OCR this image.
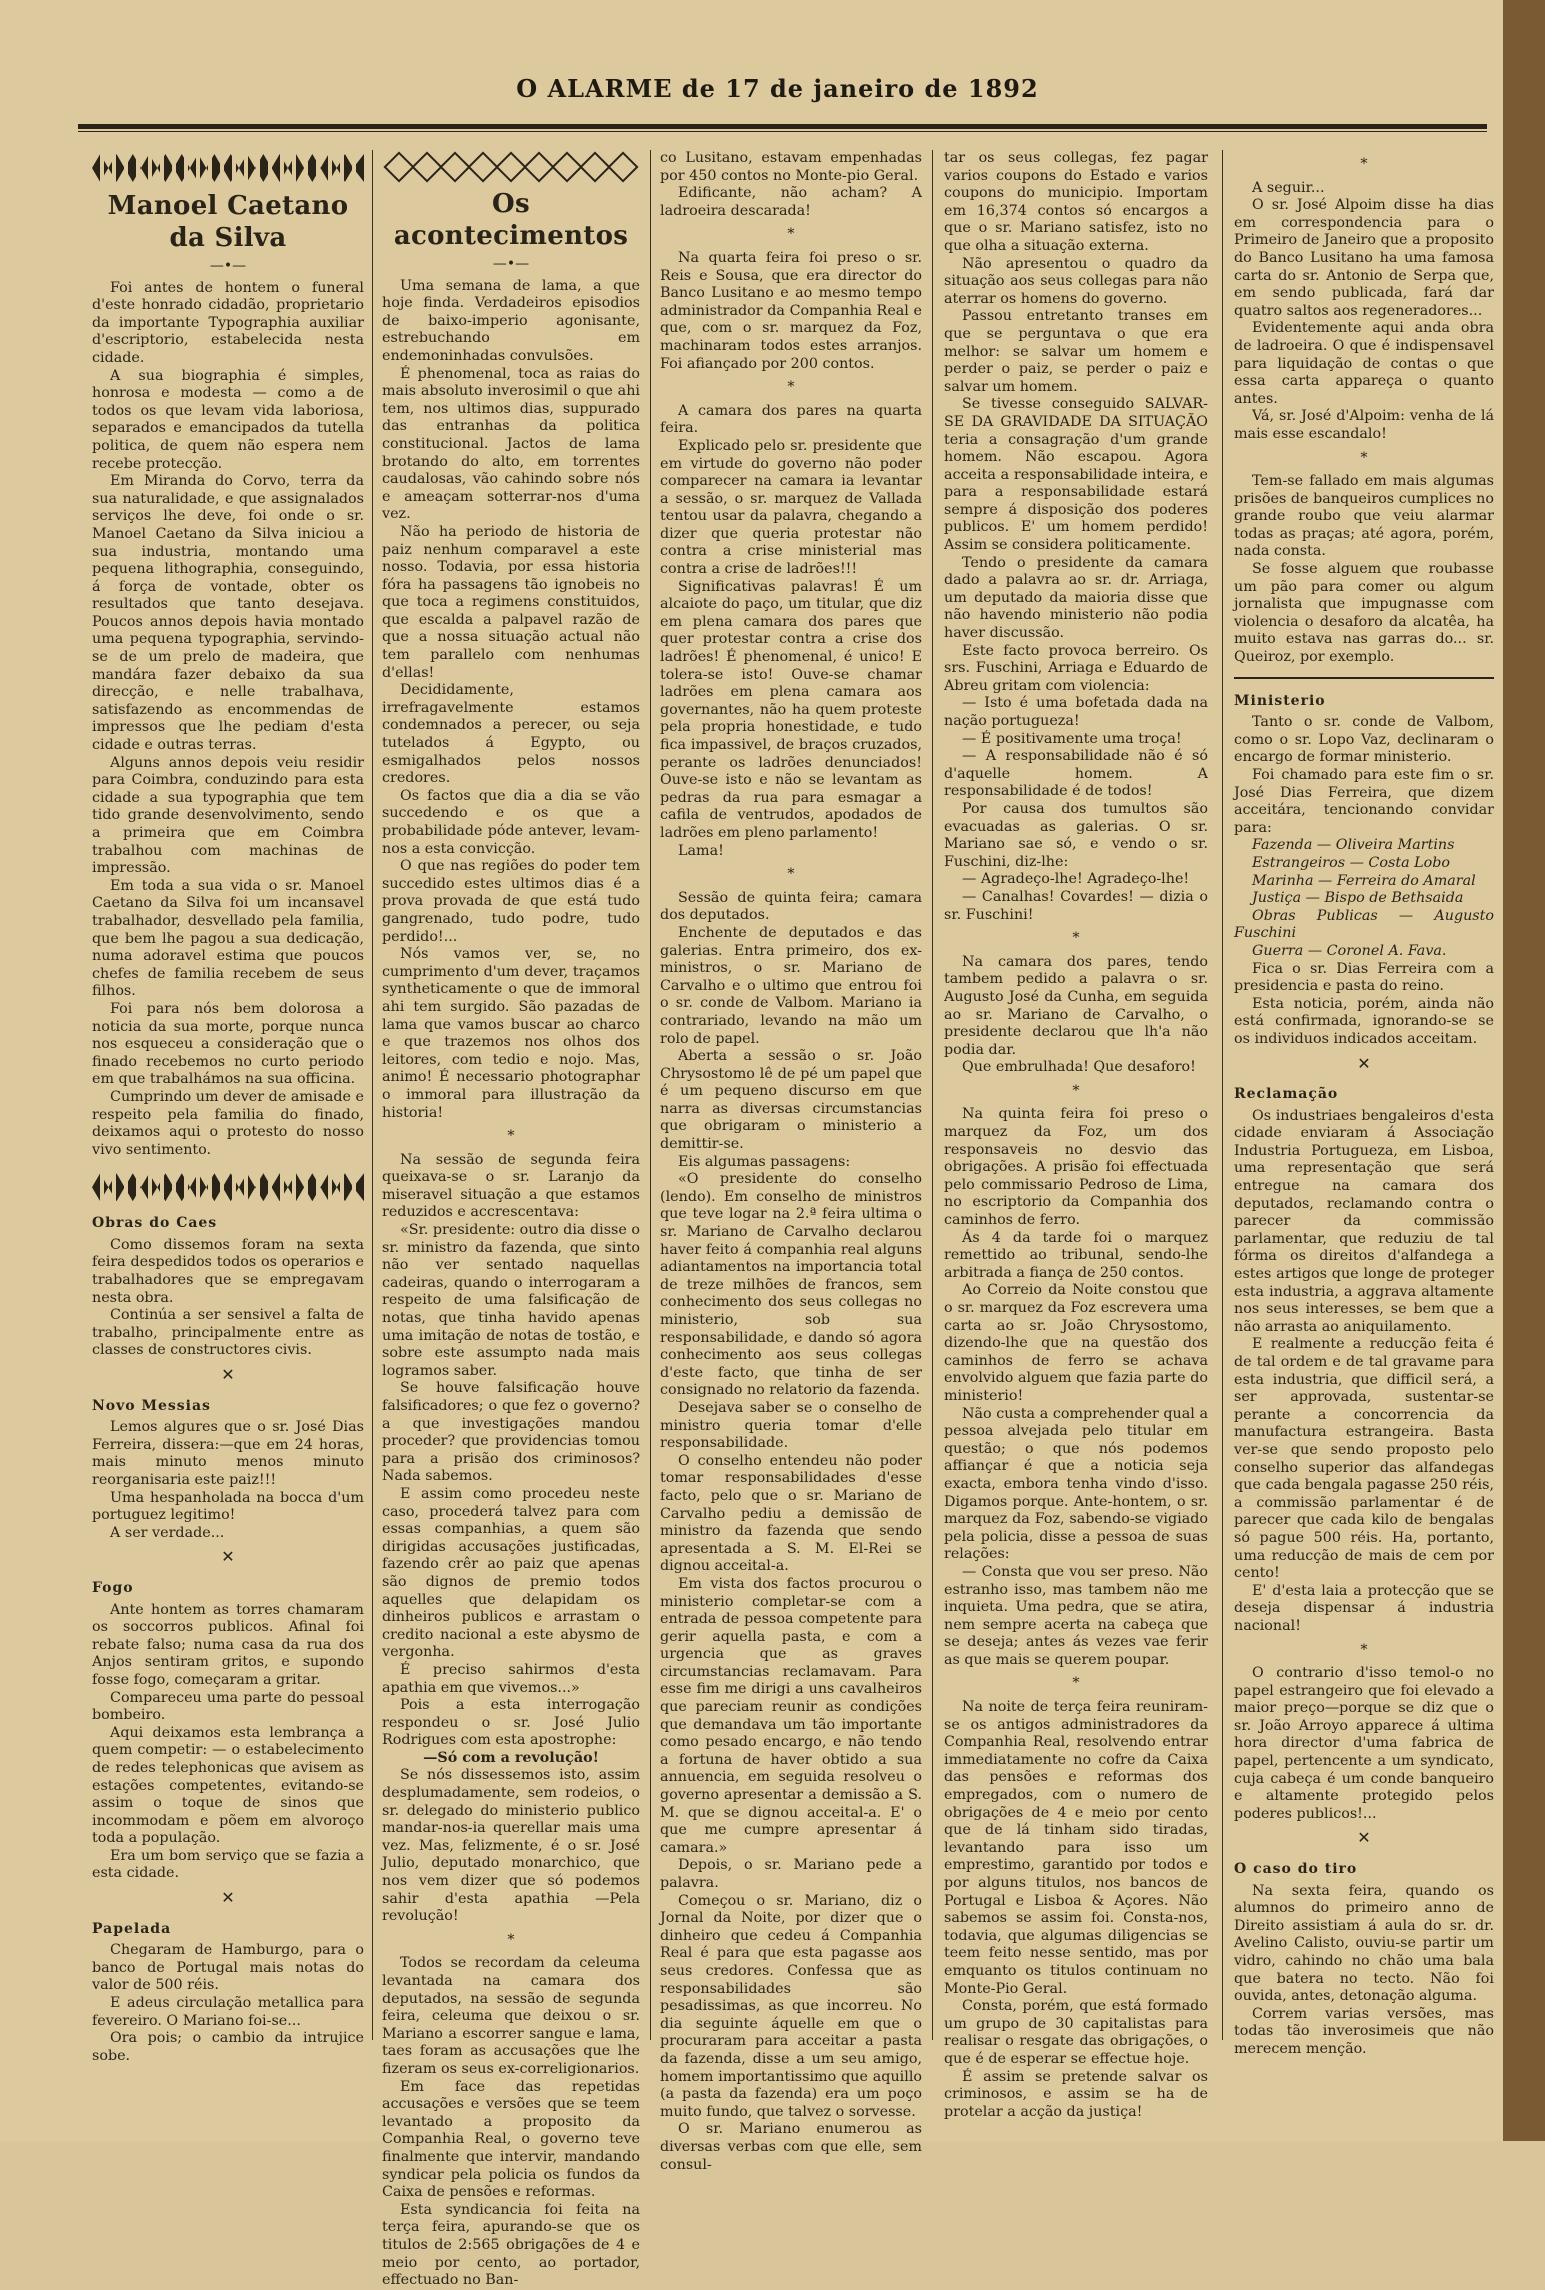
O ALARME de 17 de janeiro de 1892
Manoel Caetano da Silva
—•—

Foi antes de hontem o funeral d'este honrado cidadão, proprietario da importante Typographia auxiliar d'escriptorio, estabelecida nesta cidade.

A sua biographia é simples, honrosa e modesta — como a de todos os que levam vida laboriosa, separados e emancipados da tutella politica, de quem não espera nem recebe protecção.

Em Miranda do Corvo, terra da sua naturalidade, e que assignalados serviços lhe deve, foi onde o sr. Manoel Caetano da Silva iniciou a sua industria, montando uma pequena lithographia, conseguindo, á força de vontade, obter os resultados que tanto desejava. Poucos annos depois havia montado uma pequena typographia, servindo-se de um prelo de madeira, que mandára fazer debaixo da sua direcção, e nelle trabalhava, satisfazendo as encommendas de impressos que lhe pediam d'esta cidade e outras terras.

Alguns annos depois veiu residir para Coimbra, conduzindo para esta cidade a sua typographia que tem tido grande desenvolvimento, sendo a primeira que em Coimbra trabalhou com machinas de impressão.

Em toda a sua vida o sr. Manoel Caetano da Silva foi um incansavel trabalhador, desvellado pela familia, que bem lhe pagou a sua dedicação, numa adoravel estima que poucos chefes de familia recebem de seus filhos.

Foi para nós bem dolorosa a noticia da sua morte, porque nunca nos esqueceu a consideração que o finado recebemos no curto periodo em que trabalhámos na sua officina.

Cumprindo um dever de amisade e respeito pela familia do finado, deixamos aqui o protesto do nosso vivo sentimento.

Obras do Caes

Como dissemos foram na sexta feira despedidos todos os operarios e trabalhadores que se empregavam nesta obra.

Continúa a ser sensivel a falta de trabalho, principalmente entre as classes de constructores civis.

✕
Novo Messias

Lemos algures que o sr. José Dias Ferreira, dissera:—que em 24 horas, mais minuto menos minuto reorganisaria este paiz!!!

Uma hespanholada na bocca d'um portuguez legitimo!

A ser verdade...

✕
Fogo

Ante hontem as torres chamaram os soccorros publicos. Afinal foi rebate falso; numa casa da rua dos Anjos sentiram gritos, e supondo fosse fogo, começaram a gritar.

Compareceu uma parte do pessoal bombeiro.

Aqui deixamos esta lembrança a quem competir: — o estabelecimento de redes telephonicas que avisem as estações competentes, evitando-se assim o toque de sinos que incommodam e põem em alvoroço toda a população.

Era um bom serviço que se fazia a esta cidade.

✕
Papelada

Chegaram de Hamburgo, para o banco de Portugal mais notas do valor de 500 réis.

E adeus circulação metallica para fevereiro. O Mariano foi-se...

Ora pois; o cambio da intrujice sobe.

Os acontecimentos
—•—

Uma semana de lama, a que hoje finda. Verdadeiros episodios de baixo-imperio agonisante, estrebuchando em endemoninhadas convulsões.

É phenomenal, toca as raias do mais absoluto inverosimil o que ahi tem, nos ultimos dias, suppurado das entranhas da politica constitucional. Jactos de lama brotando do alto, em torrentes caudalosas, vão cahindo sobre nós e ameaçam sotterrar-nos d'uma vez.

Não ha periodo de historia de paiz nenhum comparavel a este nosso. Todavia, por essa historia fóra ha passagens tão ignobeis no que toca a regimens constituidos, que escalda a palpavel razão de que a nossa situação actual não tem parallelo com nenhumas d'ellas!

Decididamente, irrefragavelmente estamos condemnados a perecer, ou seja tutelados á Egypto, ou esmigalhados pelos nossos credores.

Os factos que dia a dia se vão succedendo e os que a probabilidade póde antever, levam-nos a esta convicção.

O que nas regiões do poder tem succedido estes ultimos dias é a prova provada de que está tudo gangrenado, tudo podre, tudo perdido!...

Nós vamos ver, se, no cumprimento d'um dever, traçamos syntheticamente o que de immoral ahi tem surgido. São pazadas de lama que vamos buscar ao charco e que trazemos nos olhos dos leitores, com tedio e nojo. Mas, animo! É necessario photographar o immoral para illustração da historia!

*

Na sessão de segunda feira queixava-se o sr. Laranjo da miseravel situação a que estamos reduzidos e accrescentava:

«Sr. presidente: outro dia disse o sr. ministro da fazenda, que sinto não ver sentado naquellas cadeiras, quando o interrogaram a respeito de uma falsificação de notas, que tinha havido apenas uma imitação de notas de tostão, e sobre este assumpto nada mais logramos saber.

Se houve falsificação houve falsificadores; o que fez o governo? a que investigações mandou proceder? que providencias tomou para a prisão dos criminosos? Nada sabemos.

E assim como procedeu neste caso, procederá talvez para com essas companhias, a quem são dirigidas accusações justificadas, fazendo crêr ao paiz que apenas são dignos de premio todos aquelles que delapidam os dinheiros publicos e arrastam o credito nacional a este abysmo de vergonha.

É preciso sahirmos d'esta apathia em que vivemos...»

Pois a esta interrogação respondeu o sr. José Julio Rodrigues com esta apostrophe:

—Só com a revolução!

Se nós dissessemos isto, assim desplumadamente, sem rodeios, o sr. delegado do ministerio publico mandar-nos-ia querellar mais uma vez. Mas, felizmente, é o sr. José Julio, deputado monarchico, que nos vem dizer que só podemos sahir d'esta apathia —Pela revolução!

*

Todos se recordam da celeuma levantada na camara dos deputados, na sessão de segunda feira, celeuma que deixou o sr. Mariano a escorrer sangue e lama, taes foram as accusações que lhe fizeram os seus ex-correligionarios.

Em face das repetidas accusações e versões que se teem levantado a proposito da Companhia Real, o governo teve finalmente que intervir, mandando syndicar pela policia os fundos da Caixa de pensões e reformas.

Esta syndicancia foi feita na terça feira, apurando-se que os titulos de 2:565 obrigações de 4 e meio por cento, ao portador, effectuado no Ban-

co Lusitano, estavam empenhadas por 450 contos no Monte-pio Geral.

Edificante, não acham? A ladroeira descarada!

*

Na quarta feira foi preso o sr. Reis e Sousa, que era director do Banco Lusitano e ao mesmo tempo administrador da Companhia Real e que, com o sr. marquez da Foz, machinaram todos estes arranjos. Foi afiançado por 200 contos.

*

A camara dos pares na quarta feira.

Explicado pelo sr. presidente que em virtude do governo não poder comparecer na camara ia levantar a sessão, o sr. marquez de Vallada tentou usar da palavra, chegando a dizer que queria protestar não contra a crise ministerial mas contra a crise de ladrões!!!

Significativas palavras! É um alcaiote do paço, um titular, que diz em plena camara dos pares que quer protestar contra a crise dos ladrões! É phenomenal, é unico! E tolera-se isto! Ouve-se chamar ladrões em plena camara aos governantes, não ha quem proteste pela propria honestidade, e tudo fica impassivel, de braços cruzados, perante os ladrões denunciados! Ouve-se isto e não se levantam as pedras da rua para esmagar a cafila de ventrudos, apodados de ladrões em pleno parlamento!

Lama!

*

Sessão de quinta feira; camara dos deputados.

Enchente de deputados e das galerias. Entra primeiro, dos ex-ministros, o sr. Mariano de Carvalho e o ultimo que entrou foi o sr. conde de Valbom. Mariano ia contrariado, levando na mão um rolo de papel.

Aberta a sessão o sr. João Chrysostomo lê de pé um papel que é um pequeno discurso em que narra as diversas circumstancias que obrigaram o ministerio a demittir-se.

Eis algumas passagens:

«O presidente do conselho (lendo). Em conselho de ministros que teve logar na 2.ª feira ultima o sr. Mariano de Carvalho declarou haver feito á companhia real alguns adiantamentos na importancia total de treze milhões de francos, sem conhecimento dos seus collegas no ministerio, sob sua responsabilidade, e dando só agora conhecimento aos seus collegas d'este facto, que tinha de ser consignado no relatorio da fazenda.

Desejava saber se o conselho de ministro queria tomar d'elle responsabilidade.

O conselho entendeu não poder tomar responsabilidades d'esse facto, pelo que o sr. Mariano de Carvalho pediu a demissão de ministro da fazenda que sendo apresentada a S. M. El-Rei se dignou acceital-a.

Em vista dos factos procurou o ministerio completar-se com a entrada de pessoa competente para gerir aquella pasta, e com a urgencia que as graves circumstancias reclamavam. Para esse fim me dirigi a uns cavalheiros que pareciam reunir as condições que demandava um tão importante como pesado encargo, e não tendo a fortuna de haver obtido a sua annuencia, em seguida resolveu o governo apresentar a demissão a S. M. que se dignou acceital-a. E' o que me cumpre apresentar á camara.»

Depois, o sr. Mariano pede a palavra.

Começou o sr. Mariano, diz o Jornal da Noite, por dizer que o dinheiro que cedeu á Companhia Real é para que esta pagasse aos seus credores. Confessa que as responsabilidades são pesadissimas, as que incorreu. No dia seguinte áquelle em que o procuraram para acceitar a pasta da fazenda, disse a um seu amigo, homem importantissimo que aquillo (a pasta da fazenda) era um poço muito fundo, que talvez o sorvesse.

O sr. Mariano enumerou as diversas verbas com que elle, sem consul-

tar os seus collegas, fez pagar varios coupons do Estado e varios coupons do municipio. Importam em 16,374 contos só encargos a que o sr. Mariano satisfez, isto no que olha a situação externa.

Não apresentou o quadro da situação aos seus collegas para não aterrar os homens do governo.

Passou entretanto transes em que se perguntava o que era melhor: se salvar um homem e perder o paiz, se perder o paiz e salvar um homem.

Se tivesse conseguido SALVAR-SE DA GRAVIDADE DA SITUAÇÃO teria a consagração d'um grande homem. Não escapou. Agora acceita a responsabilidade inteira, e para a responsabilidade estará sempre á disposição dos poderes publicos. E' um homem perdido! Assim se considera politicamente.

Tendo o presidente da camara dado a palavra ao sr. dr. Arriaga, um deputado da maioria disse que não havendo ministerio não podia haver discussão.

Este facto provoca berreiro. Os srs. Fuschini, Arriaga e Eduardo de Abreu gritam com violencia:

— Isto é uma bofetada dada na nação portugueza!

— É positivamente uma troça!

— A responsabilidade não é só d'aquelle homem. A responsabilidade é de todos!

Por causa dos tumultos são evacuadas as galerias. O sr. Mariano sae só, e vendo o sr. Fuschini, diz-lhe:

— Agradeço-lhe! Agradeço-lhe!

— Canalhas! Covardes! — dizia o sr. Fuschini!

*

Na camara dos pares, tendo tambem pedido a palavra o sr. Augusto José da Cunha, em seguida ao sr. Mariano de Carvalho, o presidente declarou que lh'a não podia dar.

Que embrulhada! Que desaforo!

*

Na quinta feira foi preso o marquez da Foz, um dos responsaveis no desvio das obrigações. A prisão foi effectuada pelo commissario Pedroso de Lima, no escriptorio da Companhia dos caminhos de ferro.

Ás 4 da tarde foi o marquez remettido ao tribunal, sendo-lhe arbitrada a fiança de 250 contos.

Ao Correio da Noite constou que o sr. marquez da Foz escrevera uma carta ao sr. João Chrysostomo, dizendo-lhe que na questão dos caminhos de ferro se achava envolvido alguem que fazia parte do ministerio!

Não custa a comprehender qual a pessoa alvejada pelo titular em questão; o que nós podemos affiançar é que a noticia seja exacta, embora tenha vindo d'isso. Digamos porque. Ante-hontem, o sr. marquez da Foz, sabendo-se vigiado pela policia, disse a pessoa de suas relações:

— Consta que vou ser preso. Não estranho isso, mas tambem não me inquieta. Uma pedra, que se atira, nem sempre acerta na cabeça que se deseja; antes ás vezes vae ferir as que mais se querem poupar.

*

Na noite de terça feira reuniram-se os antigos administradores da Companhia Real, resolvendo entrar immediatamente no cofre da Caixa das pensões e reformas dos empregados, com o numero de obrigações de 4 e meio por cento que de lá tinham sido tiradas, levantando para isso um emprestimo, garantido por todos e por alguns titulos, nos bancos de Portugal e Lisboa & Açores. Não sabemos se assim foi. Consta-nos, todavia, que algumas diligencias se teem feito nesse sentido, mas por emquanto os titulos continuam no Monte-Pio Geral.

Consta, porém, que está formado um grupo de 30 capitalistas para realisar o resgate das obrigações, o que é de esperar se effectue hoje.

É assim se pretende salvar os criminosos, e assim se ha de protelar a acção da justiça!

*

A seguir...

O sr. José Alpoim disse ha dias em correspondencia para o Primeiro de Janeiro que a proposito do Banco Lusitano ha uma famosa carta do sr. Antonio de Serpa que, em sendo publicada, fará dar quatro saltos aos regeneradores...

Evidentemente aqui anda obra de ladroeira. O que é indispensavel para liquidação de contas o que essa carta appareça o quanto antes.

Vá, sr. José d'Alpoim: venha de lá mais esse escandalo!

*

Tem-se fallado em mais algumas prisões de banqueiros cumplices no grande roubo que veiu alarmar todas as praças; até agora, porém, nada consta.

Se fosse alguem que roubasse um pão para comer ou algum jornalista que impugnasse com violencia o desaforo da alcatêa, ha muito estava nas garras do... sr. Queiroz, por exemplo.

Ministerio

Tanto o sr. conde de Valbom, como o sr. Lopo Vaz, declinaram o encargo de formar ministerio.

Foi chamado para este fim o sr. José Dias Ferreira, que dizem acceitára, tencionando convidar para:

Fazenda — Oliveira Martins

Estrangeiros — Costa Lobo

Marinha — Ferreira do Amaral

Justiça — Bispo de Bethsaida

Obras Publicas — Augusto Fuschini

Guerra — Coronel A. Fava.

Fica o sr. Dias Ferreira com a presidencia e pasta do reino.

Esta noticia, porém, ainda não está confirmada, ignorando-se se os individuos indicados acceitam.

✕
Reclamação

Os industriaes bengaleiros d'esta cidade enviaram á Associação Industria Portugueza, em Lisboa, uma representação que será entregue na camara dos deputados, reclamando contra o parecer da commissão parlamentar, que reduziu de tal fórma os direitos d'alfandega a estes artigos que longe de proteger esta industria, a aggrava altamente nos seus interesses, se bem que a não arrasta ao aniquilamento.

E realmente a reducção feita é de tal ordem e de tal gravame para esta industria, que difficil será, a ser approvada, sustentar-se perante a concorrencia da manufactura estrangeira. Basta ver-se que sendo proposto pelo conselho superior das alfandegas que cada bengala pagasse 250 réis, a commissão parlamentar é de parecer que cada kilo de bengalas só pague 500 réis. Ha, portanto, uma reducção de mais de cem por cento!

E' d'esta laia a protecção que se deseja dispensar á industria nacional!

*

O contrario d'isso temol-o no papel estrangeiro que foi elevado a maior preço—porque se diz que o sr. João Arroyo apparece á ultima hora director d'uma fabrica de papel, pertencente a um syndicato, cuja cabeça é um conde banqueiro e altamente protegido pelos poderes publicos!...

✕
O caso do tiro

Na sexta feira, quando os alumnos do primeiro anno de Direito assistiam á aula do sr. dr. Avelino Calisto, ouviu-se partir um vidro, cahindo no chão uma bala que batera no tecto. Não foi ouvida, antes, detonação alguma.

Correm varias versões, mas todas tão inverosimeis que não merecem menção.
